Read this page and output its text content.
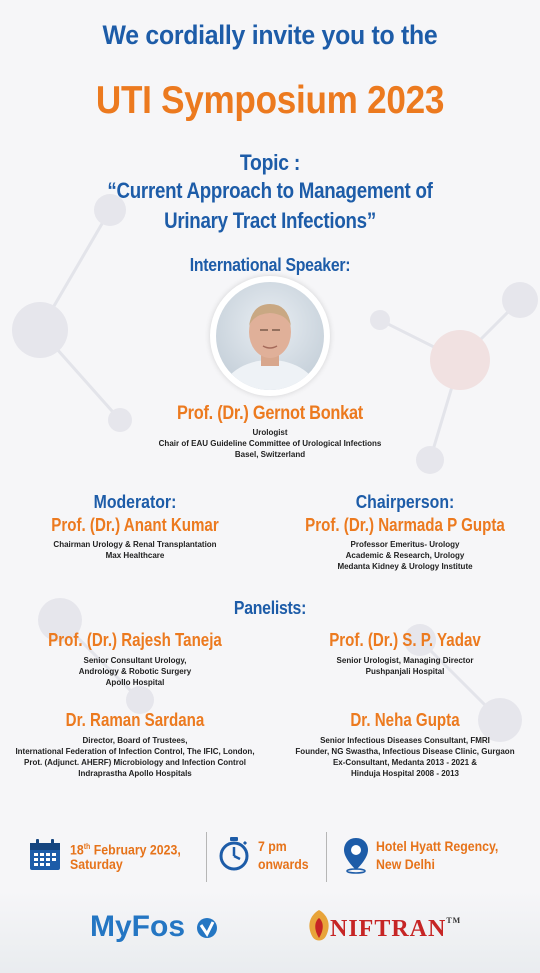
We cordially invite you to the
UTI Symposium 2023
Topic :
“Current Approach to Management of
Urinary Tract Infections”
International Speaker:
Prof. (Dr.) Gernot Bonkat
Urologist
Chair of EAU Guideline Committee of Urological Infections
Basel, Switzerland
Moderator:
Prof. (Dr.) Anant Kumar
Chairman Urology & Renal Transplantation
Max Healthcare
Chairperson:
Prof. (Dr.) Narmada P Gupta
Professor Emeritus- Urology
Academic & Research, Urology
Medanta Kidney & Urology Institute
Panelists:
Prof. (Dr.) Rajesh Taneja
Senior Consultant Urology,
Andrology & Robotic Surgery
Apollo Hospital
Prof. (Dr.) S. P. Yadav
Senior Urologist, Managing Director
Pushpanjali Hospital
Dr. Raman Sardana
Director, Board of Trustees,
International Federation of Infection Control, The IFIC, London,
Prot. (Adjunct. AHERF) Microbiology and Infection Control
Indraprastha Apollo Hospitals
Dr. Neha Gupta
Senior Infectious Diseases Consultant, FMRI
Founder, NG Swastha, Infectious Disease Clinic, Gurgaon
Ex-Consultant, Medanta 2013 - 2021 &
Hinduja Hospital 2008 - 2013
18th February 2023,
Saturday
7 pm
onwards
Hotel Hyatt Regency,
New Delhi
MyFos	NIFTRAN™
